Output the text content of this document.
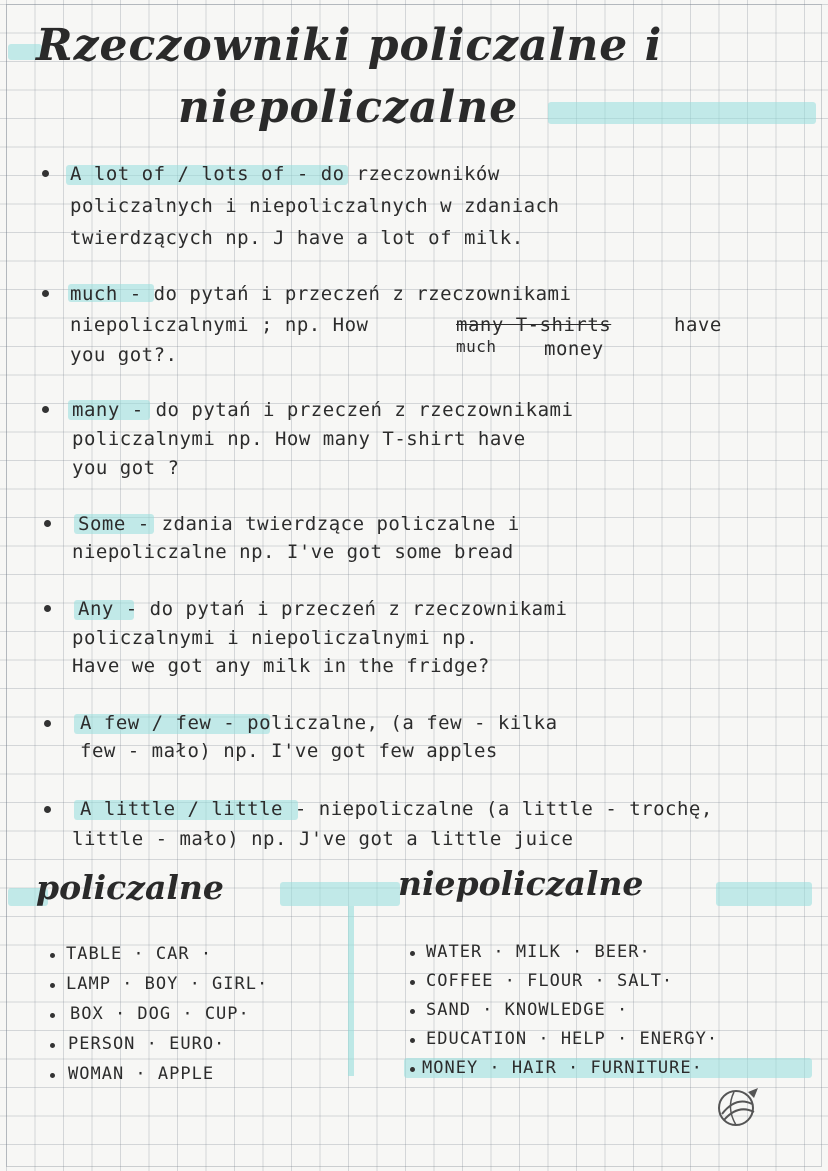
Rzeczowniki policzalne i
niepoliczalne
A lot of / lots of - do rzeczowników
policzalnych i niepoliczalnych w zdaniach
twierdzących np. J have a lot of milk.
much - do pytań i przeczeń z rzeczownikami
niepoliczalnymi ; np. How	many T-shirts	have
much money
you got?.
many - do pytań i przeczeń z rzeczownikami
policzalnymi np. How many T-shirt have
you got ?
Some - zdania twierdzące policzalne i
niepoliczalne np. I've got some bread
Any - do pytań i przeczeń z rzeczownikami
policzalnymi i niepoliczalnymi np.
Have we got any milk in the fridge?
A few / few - policzalne, (a few - kilka
few - mało) np. I've got few apples
A little / little - niepoliczalne (a little - trochę,
little - mało) np. J've got a little juice
policzalne	niepoliczalne
TABLE · CAR ·
LAMP · BOY · GIRL·
BOX · DOG · CUP·
PERSON · EURO·
WOMAN · APPLE
WATER · MILK · BEER·
COFFEE · FLOUR · SALT·
SAND · KNOWLEDGE ·
EDUCATION · HELP · ENERGY·
MONEY · HAIR · FURNITURE·
